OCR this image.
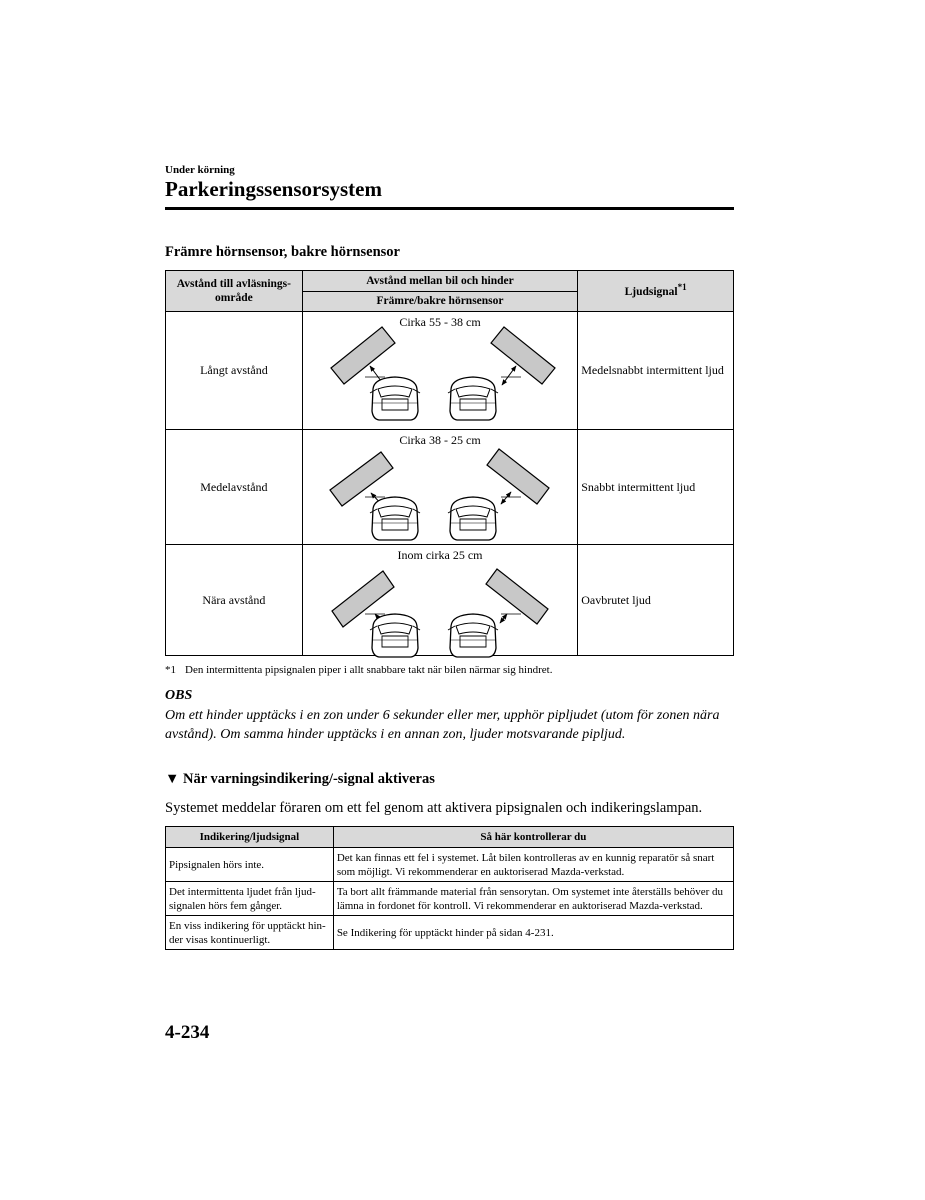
Under körning
Parkeringssensorsystem
Främre hörnsensor, bakre hörnsensor
Avstånd till avläsnings-område	Avstånd mellan bil och hinder	Ljudsignal$^{*1}$
	Främre/bakre hörnsensor	
Långt avstånd	Cirka 55 - 38 cm	Medelsnabbt intermittent ljud
Medelavstånd	Cirka 38 - 25 cm	Snabbt intermittent ljud
Nära avstånd	Inom cirka 25 cm	Oavbrutet ljud
*1 Den intermittenta pipsignalen piper i allt snabbare takt när bilen närmar sig hindret.
OBS
Om ett hinder upptäcks i en zon under 6 sekunder eller mer, upphör pipljudet (utom för zonen nära avstånd). Om samma hinder upptäcks i en annan zon, ljuder motsvarande pipljud.
▼ När varningsindikering/-signal aktiveras
Systemet meddelar föraren om ett fel genom att aktivera pipsignalen och indikeringslampan.
Indikering/ljudsignal	Så här kontrollerar du
Pipsignalen hörs inte.	Det kan finnas ett fel i systemet. Låt bilen kontrolleras av en kunnig reparatör så snart som möjligt. Vi rekommenderar en auktoriserad Mazda-verkstad.
Det intermittenta ljudet från ljud-signalen hörs fem gånger.	Ta bort allt främmande material från sensorytan. Om systemet inte återställs behöver du lämna in fordonet för kontroll. Vi rekommenderar en auktoriserad Mazda-verkstad.
En viss indikering för upptäckt hin-der visas kontinuerligt.	Se Indikering för upptäckt hinder på sidan 4-231.
4-234
